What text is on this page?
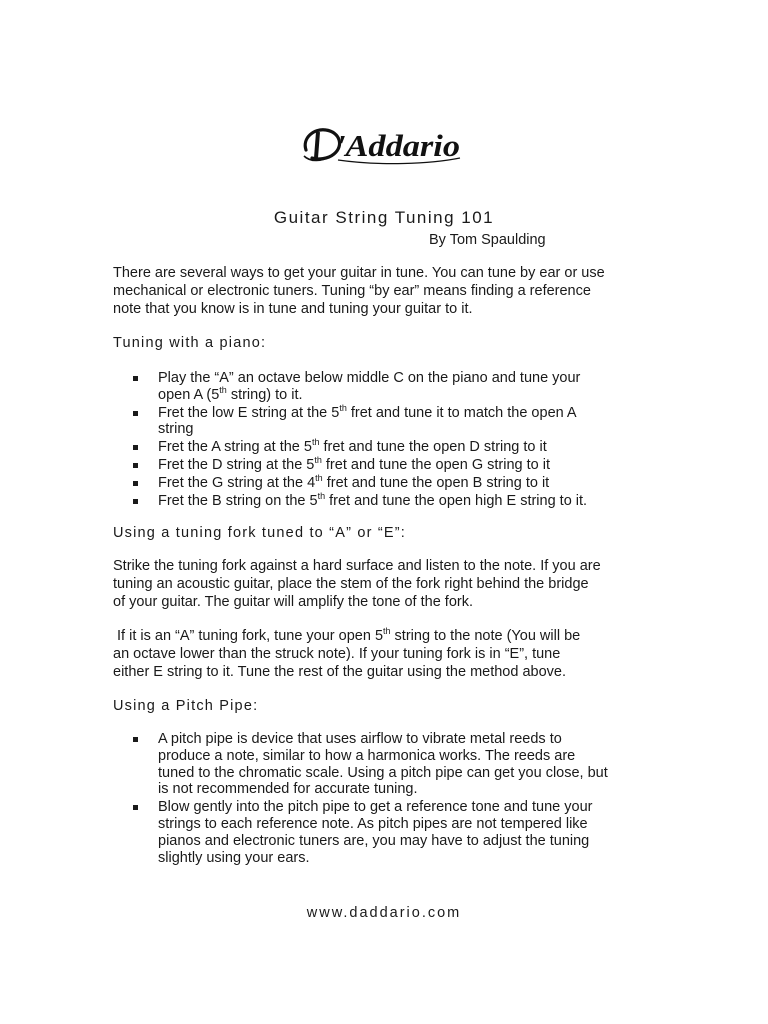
'Addario
Guitar String Tuning 101
By Tom Spaulding
There are several ways to get your guitar in tune. You can tune by ear or use
mechanical or electronic tuners. Tuning “by ear” means finding a reference
note that you know is in tune and tuning your guitar to it.
Tuning with a piano:
Play the “A” an octave below middle C on the piano and tune your
open A (5th string) to it.
Fret the low E string at the 5th fret and tune it to match the open A
string
Fret the A string at the 5th fret and tune the open D string to it
Fret the D string at the 5th fret and tune the open G string to it
Fret the G string at the 4th fret and tune the open B string to it
Fret the B string on the 5th fret and tune the open high E string to it.
Using a tuning fork tuned to “A” or “E”:
Strike the tuning fork against a hard surface and listen to the note. If you are
tuning an acoustic guitar, place the stem of the fork right behind the bridge
of your guitar. The guitar will amplify the tone of the fork.
If it is an “A” tuning fork, tune your open 5th string to the note (You will be
an octave lower than the struck note). If your tuning fork is in “E”, tune
either E string to it. Tune the rest of the guitar using the method above.
Using a Pitch Pipe:
A pitch pipe is device that uses airflow to vibrate metal reeds to
produce a note, similar to how a harmonica works. The reeds are
tuned to the chromatic scale. Using a pitch pipe can get you close, but
is not recommended for accurate tuning.
Blow gently into the pitch pipe to get a reference tone and tune your
strings to each reference note. As pitch pipes are not tempered like
pianos and electronic tuners are, you may have to adjust the tuning
slightly using your ears.
www.daddario.com
